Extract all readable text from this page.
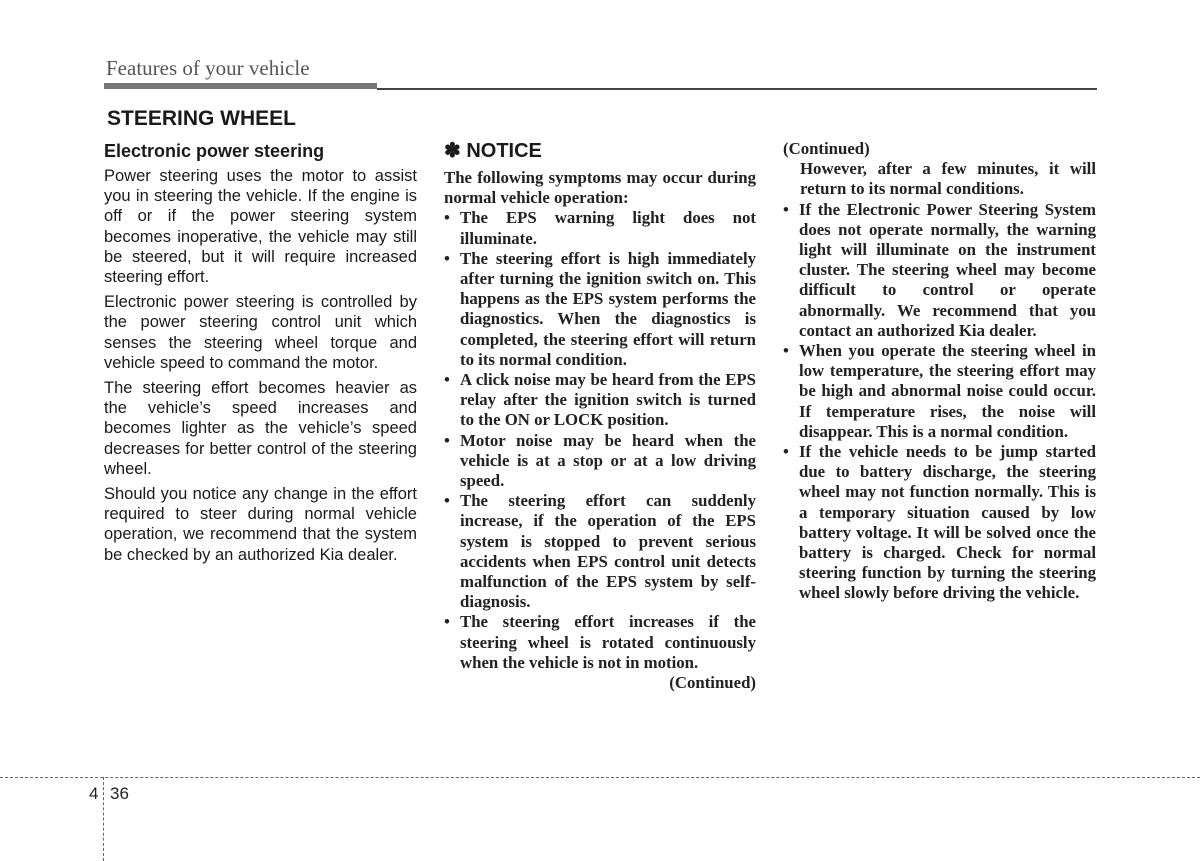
Features of your vehicle
STEERING WHEEL
Electronic power steering

Power steering uses the motor to assist you in steering the vehicle. If the engine is off or if the power steering system becomes inoperative, the vehicle may still be steered, but it will require increased steering effort.

Electronic power steering is controlled by the power steering control unit which senses the steering wheel torque and vehicle speed to command the motor.

The steering effort becomes heavier as the vehicle’s speed increases and becomes lighter as the vehicle’s speed decreases for better control of the steering wheel.

Should you notice any change in the effort required to steer during normal vehicle operation, we recommend that the system be checked by an authorized Kia dealer.

✽ NOTICE

The following symptoms may occur during normal vehicle operation:

• The EPS warning light does not illuminate.
• The steering effort is high immediately after turning the ignition switch on. This happens as the EPS system performs the diagnostics. When the diagnostics is completed, the steering effort will return to its normal condition.
• A click noise may be heard from the EPS relay after the ignition switch is turned to the ON or LOCK position.
• Motor noise may be heard when the vehicle is at a stop or at a low driving speed.
• The steering effort can suddenly increase, if the operation of the EPS system is stopped to prevent serious accidents when EPS control unit detects malfunction of the EPS system by self-diagnosis.
• The steering effort increases if the steering wheel is rotated continuously when the vehicle is not in motion.

(Continued)

(Continued)

However, after a few minutes, it will return to its normal conditions.

• If the Electronic Power Steering System does not operate normally, the warning light will illuminate on the instrument cluster. The steering wheel may become difficult to control or operate abnormally. We recommend that you contact an authorized Kia dealer.
• When you operate the steering wheel in low temperature, the steering effort may be high and abnormal noise could occur. If temperature rises, the noise will disappear. This is a normal condition.
• If the vehicle needs to be jump started due to battery discharge, the steering wheel may not function normally. This is a temporary situation caused by low battery voltage. It will be solved once the battery is charged. Check for normal steering function by turning the steering wheel slowly before driving the vehicle.
4 36
